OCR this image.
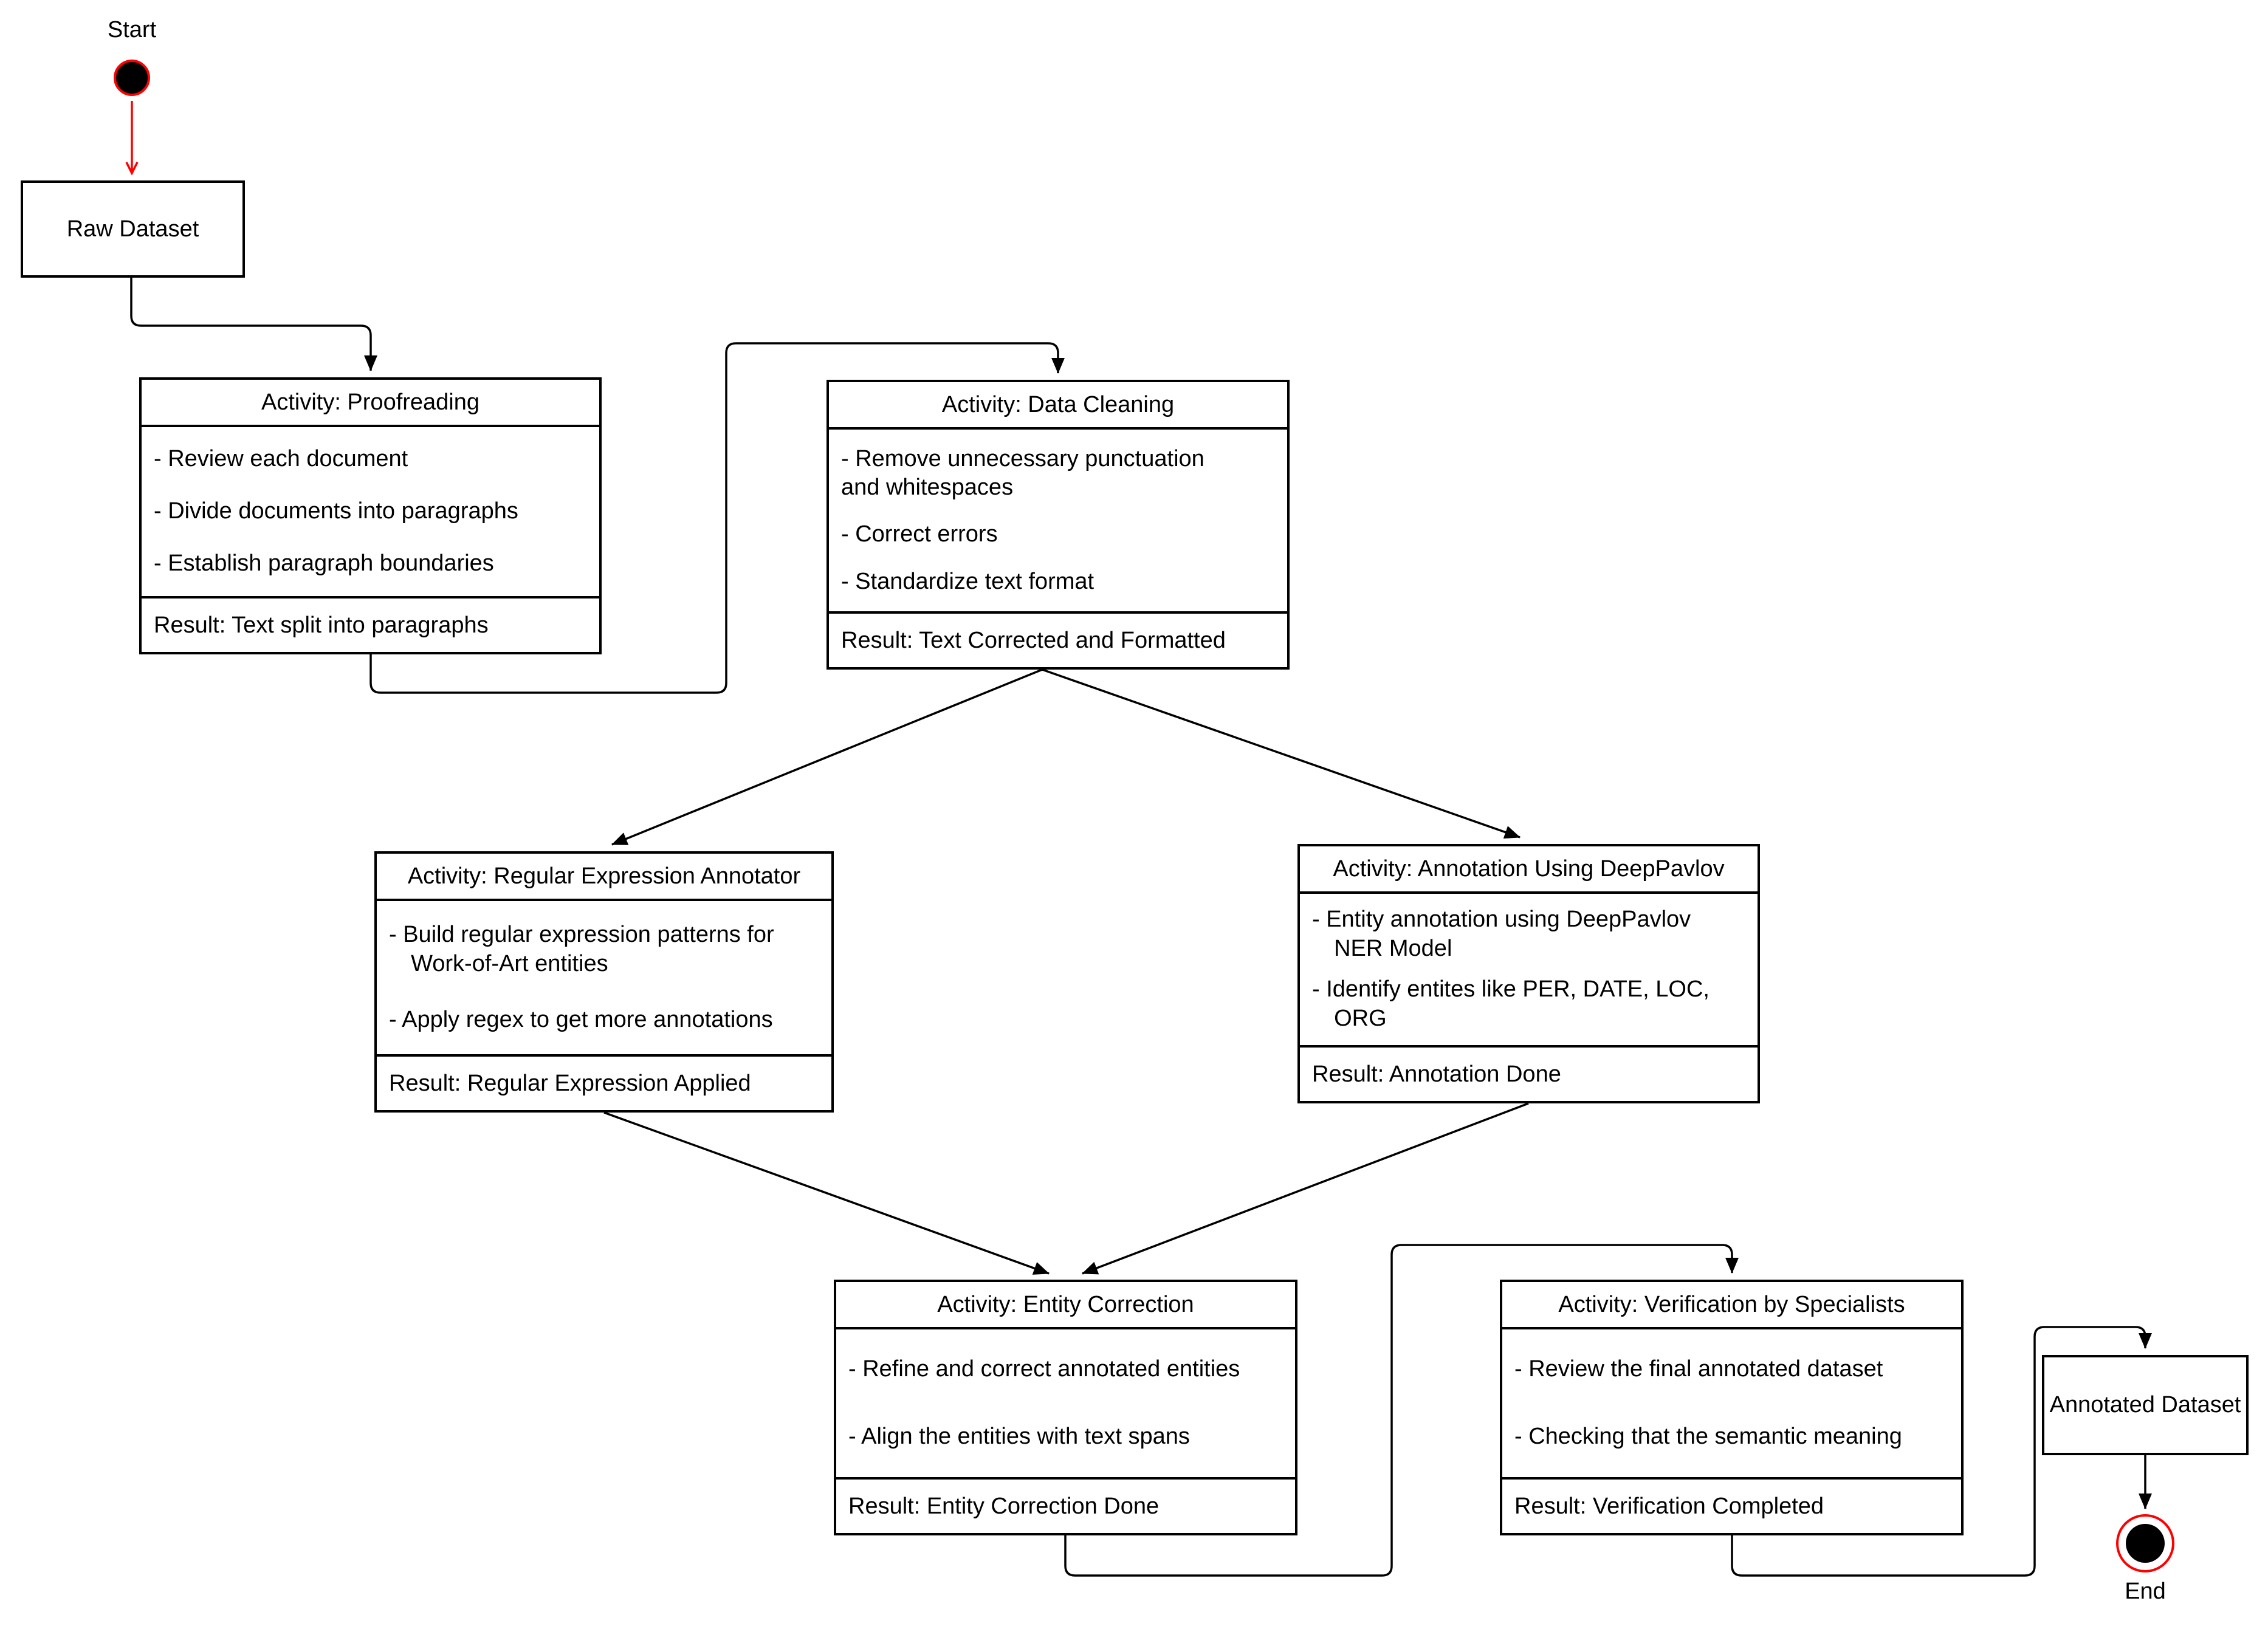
Start
Raw Dataset
Activity: Proofreading
- Review each document
- Divide documents into paragraphs
- Establish paragraph boundaries
Result: Text split into paragraphs
Activity: Data Cleaning
- Remove unnecessary punctuation and whitespaces
- Correct errors
- Standardize text format
Result: Text Corrected and Formatted
Activity: Regular Expression Annotator
- Build regular expression patterns for Work-of-Art entities
- Apply regex to get more annotations
Result: Regular Expression Applied
Activity: Annotation Using DeepPavlov
- Entity annotation using DeepPavlov NER Model
- Identify entites like PER, DATE, LOC, ORG
Result: Annotation Done
Activity: Entity Correction
- Refine and correct annotated entities
- Align the entities with text spans
Result: Entity Correction Done
Activity: Verification by Specialists
- Review the final annotated dataset
- Checking that the semantic meaning
Result: Verification Completed
Annotated Dataset
End
